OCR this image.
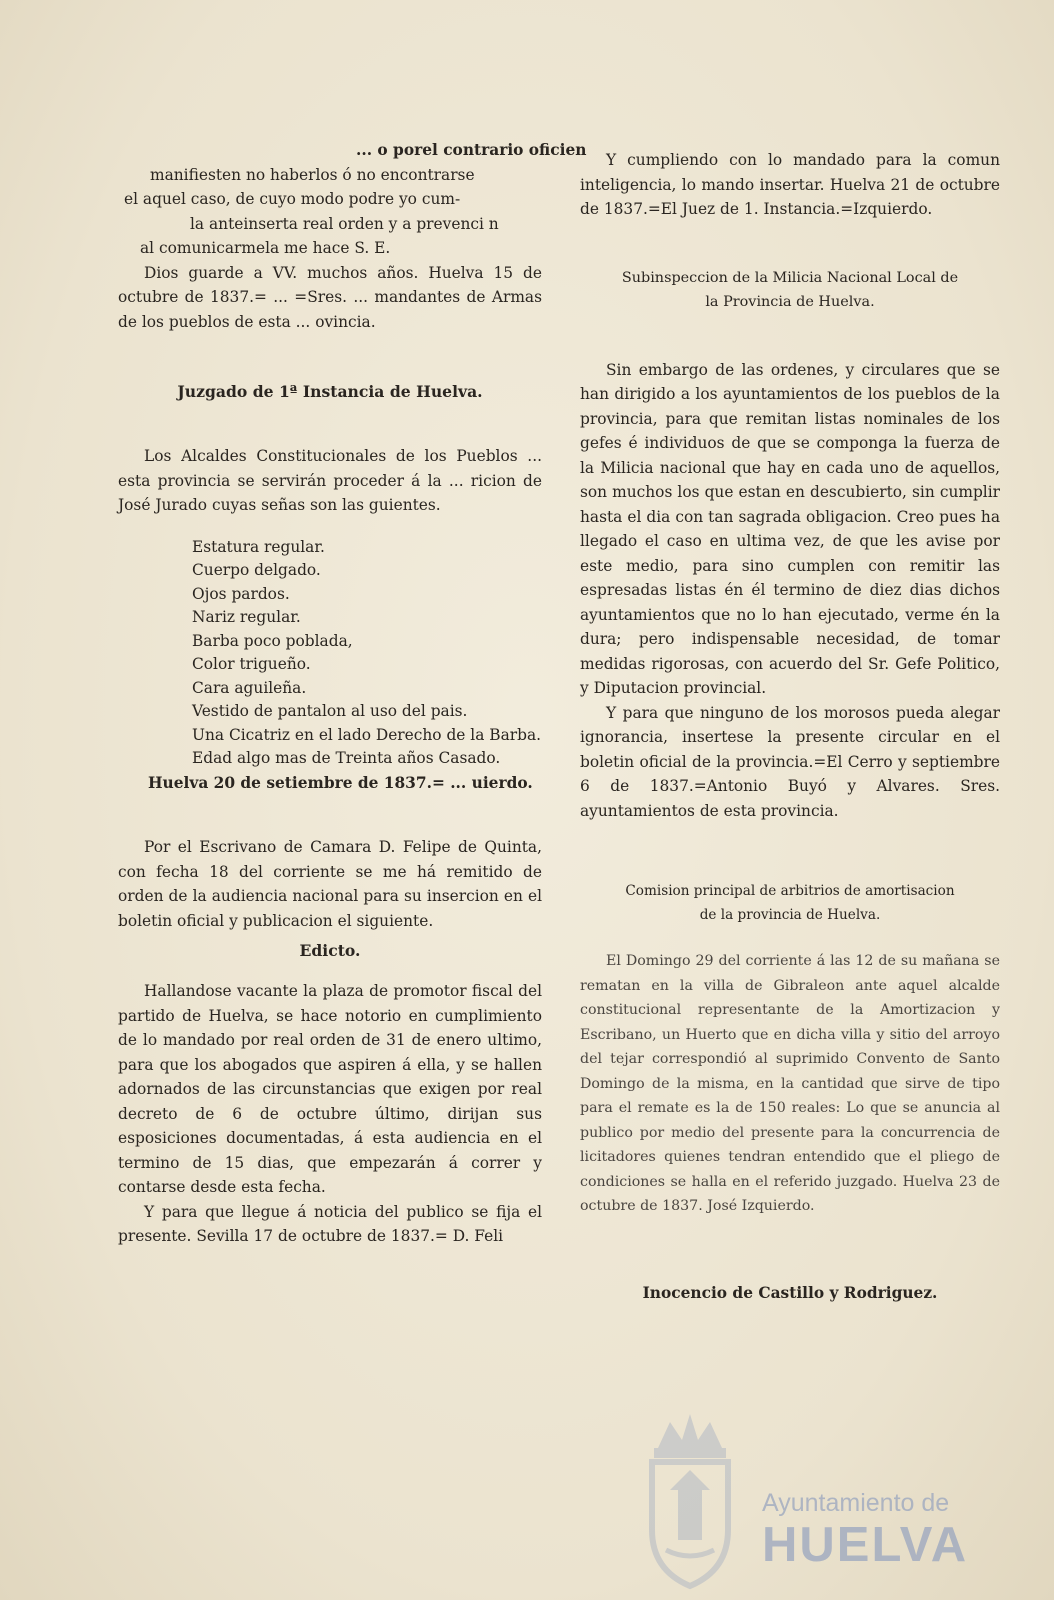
... o porel contrario oficien
manifiesten no haberlos ó no encontrarse
el aquel caso, de cuyo modo podre yo cum-
la anteinserta real orden y a prevenci n
al comunicarmela me hace S. E.

Dios guarde a VV. muchos años. Huelva 15 de octubre de 1837.= ... =Sres. ... mandantes de Armas de los pueblos de esta ... ovincia.

Juzgado de 1ª Instancia de Huelva.

Los Alcaldes Constitucionales de los Pueblos ... esta provincia se servirán proceder á la ... ricion de José Jurado cuyas señas son las guientes.

Estatura regular.
Cuerpo delgado.
Ojos pardos.
Nariz regular.
Barba poco poblada,
Color trigueño.
Cara aguileña.
Vestido de pantalon al uso del pais.
Una Cicatriz en el lado Derecho de la Barba.
Edad algo mas de Treinta años Casado.

Huelva 20 de setiembre de 1837.= ... uierdo.

Por el Escrivano de Camara D. Felipe de Quinta, con fecha 18 del corriente se me há remitido de orden de la audiencia nacional para su insercion en el boletin oficial y publicacion el siguiente.

Edicto.

Hallandose vacante la plaza de promotor fiscal del partido de Huelva, se hace notorio en cumplimiento de lo mandado por real orden de 31 de enero ultimo, para que los abogados que aspiren á ella, y se hallen adornados de las circunstancias que exigen por real decreto de 6 de octubre último, dirijan sus esposiciones documentadas, á esta audiencia en el termino de 15 dias, que empezarán á correr y contarse desde esta fecha.

Y para que llegue á noticia del publico se fija el presente. Sevilla 17 de octubre de 1837.= D. Feli

Y cumpliendo con lo mandado para la comun inteligencia, lo mando insertar. Huelva 21 de octubre de 1837.=El Juez de 1. Instancia.=Izquierdo.

Subinspeccion de la Milicia Nacional Local de
la Provincia de Huelva.

Sin embargo de las ordenes, y circulares que se han dirigido a los ayuntamientos de los pueblos de la provincia, para que remitan listas nominales de los gefes é individuos de que se componga la fuerza de la Milicia nacional que hay en cada uno de aquellos, son muchos los que estan en descubierto, sin cumplir hasta el dia con tan sagrada obligacion. Creo pues ha llegado el caso en ultima vez, de que les avise por este medio, para sino cumplen con remitir las espresadas listas én él termino de diez dias dichos ayuntamientos que no lo han ejecutado, verme én la dura; pero indispensable necesidad, de tomar medidas rigorosas, con acuerdo del Sr. Gefe Politico, y Diputacion provincial.

Y para que ninguno de los morosos pueda alegar ignorancia, insertese la presente circular en el boletin oficial de la provincia.=El Cerro y septiembre 6 de 1837.=Antonio Buyó y Alvares. Sres. ayuntamientos de esta provincia.

Comision principal de arbitrios de amortisacion
de la provincia de Huelva.

El Domingo 29 del corriente á las 12 de su mañana se rematan en la villa de Gibraleon ante aquel alcalde constitucional representante de la Amortizacion y Escribano, un Huerto que en dicha villa y sitio del arroyo del tejar correspondió al suprimido Convento de Santo Domingo de la misma, en la cantidad que sirve de tipo para el remate es la de 150 reales: Lo que se anuncia al publico por medio del presente para la concurrencia de licitadores quienes tendran entendido que el pliego de condiciones se halla en el referido juzgado. Huelva 23 de octubre de 1837. José Izquierdo.

Inocencio de Castillo y Rodriguez.

Ayuntamiento de
HUELVA
